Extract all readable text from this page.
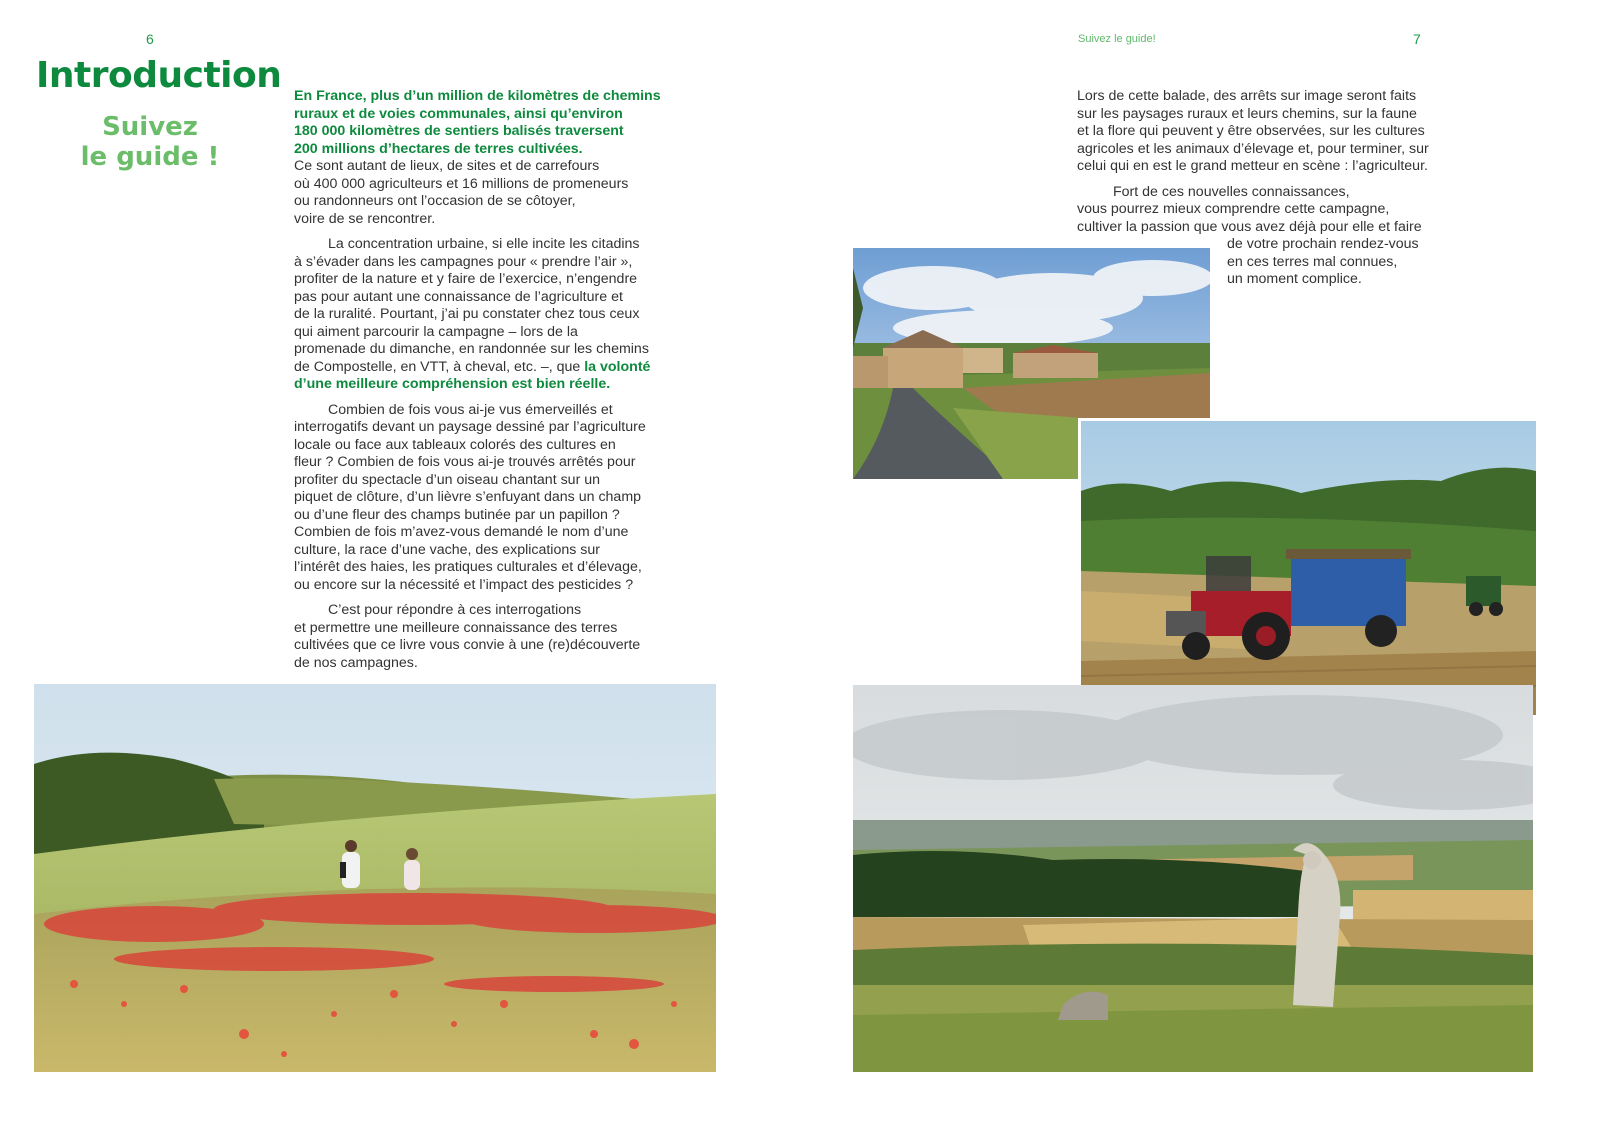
6
Introduction
Suivez
le guide !

En France, plus d’un million de kilomètres de chemins
ruraux et de voies communales, ainsi qu’environ
180 000 kilomètres de sentiers balisés traversent
200 millions d’hectares de terres cultivées.
Ce sont autant de lieux, de sites et de carrefours
où 400 000 agriculteurs et 16 millions de promeneurs
ou randonneurs ont l’occasion de se côtoyer,
voire de se rencontrer.

La concentration urbaine, si elle incite les citadins
à s’évader dans les campagnes pour « prendre l’air »,
profiter de la nature et y faire de l’exercice, n’engendre
pas pour autant une connaissance de l’agriculture et
de la ruralité. Pourtant, j’ai pu constater chez tous ceux
qui aiment parcourir la campagne – lors de la
promenade du dimanche, en randonnée sur les chemins
de Compostelle, en VTT, à cheval, etc. –, que la volonté
d’une meilleure compréhension est bien réelle.

Combien de fois vous ai-je vus émerveillés et
interrogatifs devant un paysage dessiné par l’agriculture
locale ou face aux tableaux colorés des cultures en
fleur ? Combien de fois vous ai-je trouvés arrêtés pour
profiter du spectacle d’un oiseau chantant sur un
piquet de clôture, d’un lièvre s’enfuyant dans un champ
ou d’une fleur des champs butinée par un papillon ?
Combien de fois m’avez-vous demandé le nom d’une
culture, la race d’une vache, des explications sur
l’intérêt des haies, les pratiques culturales et d’élevage,
ou encore sur la nécessité et l’impact des pesticides ?

C’est pour répondre à ces interrogations
et permettre une meilleure connaissance des terres
cultivées que ce livre vous convie à une (re)découverte
de nos campagnes.

Suivez le guide!	7

Lors de cette balade, des arrêts sur image seront faits
sur les paysages ruraux et leurs chemins, sur la faune
et la flore qui peuvent y être observées, sur les cultures
agricoles et les animaux d’élevage et, pour terminer, sur
celui qui en est le grand metteur en scène : l’agriculteur.

Fort de ces nouvelles connaissances,
vous pourrez mieux comprendre cette campagne,
cultiver la passion que vous avez déjà pour elle et faire
de votre prochain rendez-vous
en ces terres mal connues,
un moment complice.
